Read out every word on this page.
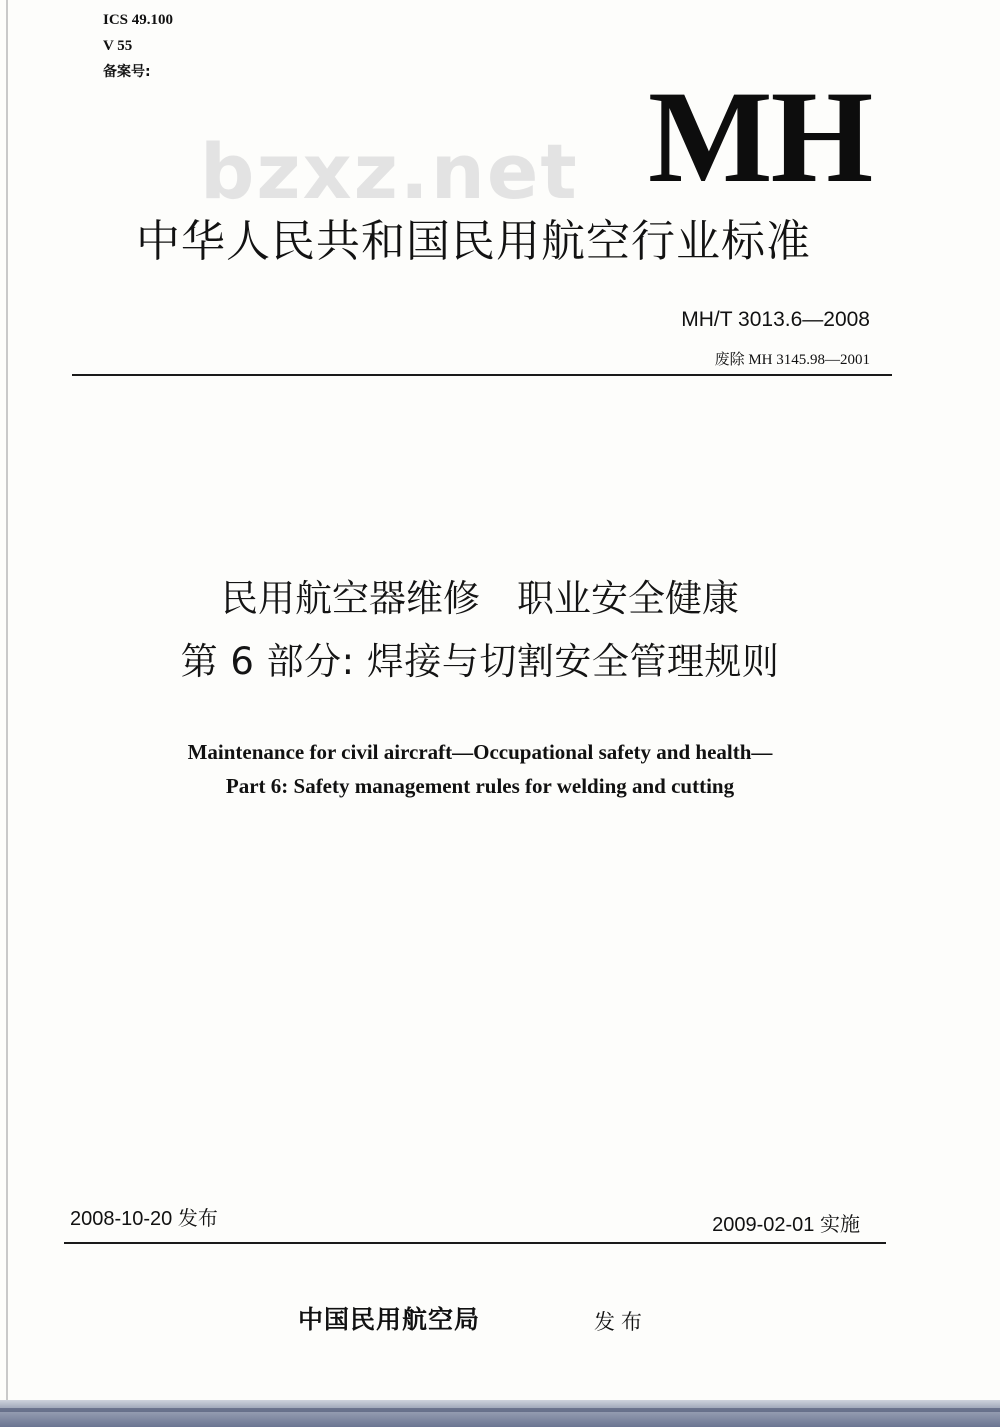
ICS 49.100
V 55
备案号:
bzxz.net MH
中华人民共和国民用航空行业标准
MH/T 3013.6—2008
废除 MH 3145.98—2001
民用航空器维修　职业安全健康
第 6 部分: 焊接与切割安全管理规则
Maintenance for civil aircraft—Occupational safety and health—
Part 6: Safety management rules for welding and cutting
2008-10-20 发布	2009-02-01 实施
中国民用航空局	发布
